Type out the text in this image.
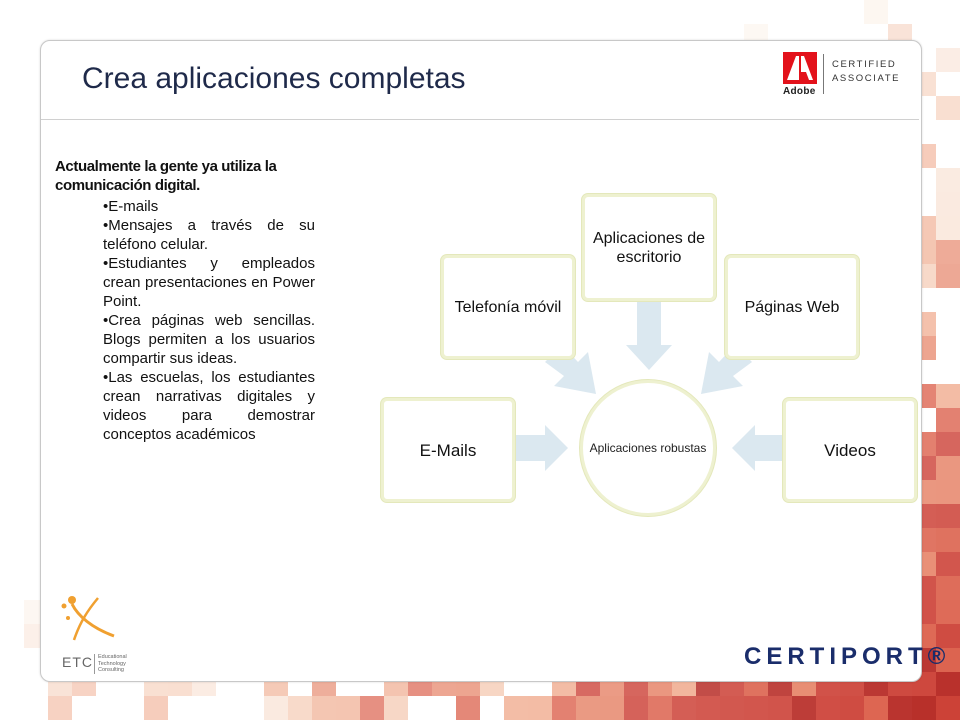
Crea aplicaciones completas	Adobe
CERTIFIED
ASSOCIATE
Actualmente la gente ya utiliza la comunicación digital.
•E-mails
•Mensajes a través de su teléfono celular.
•Estudiantes y empleados crean presentaciones en Power Point.
•Crea páginas web sencillas. Blogs permiten a los usuarios compartir sus ideas.
•Las escuelas, los estudiantes crean narrativas digitales y videos para demostrar conceptos académicos
Aplicaciones robustas
E-Mails
Telefonía móvil
Aplicaciones de escritorio
Páginas Web
Videos
ETC Educational
Technology
Consulting	CERTIPORT®
